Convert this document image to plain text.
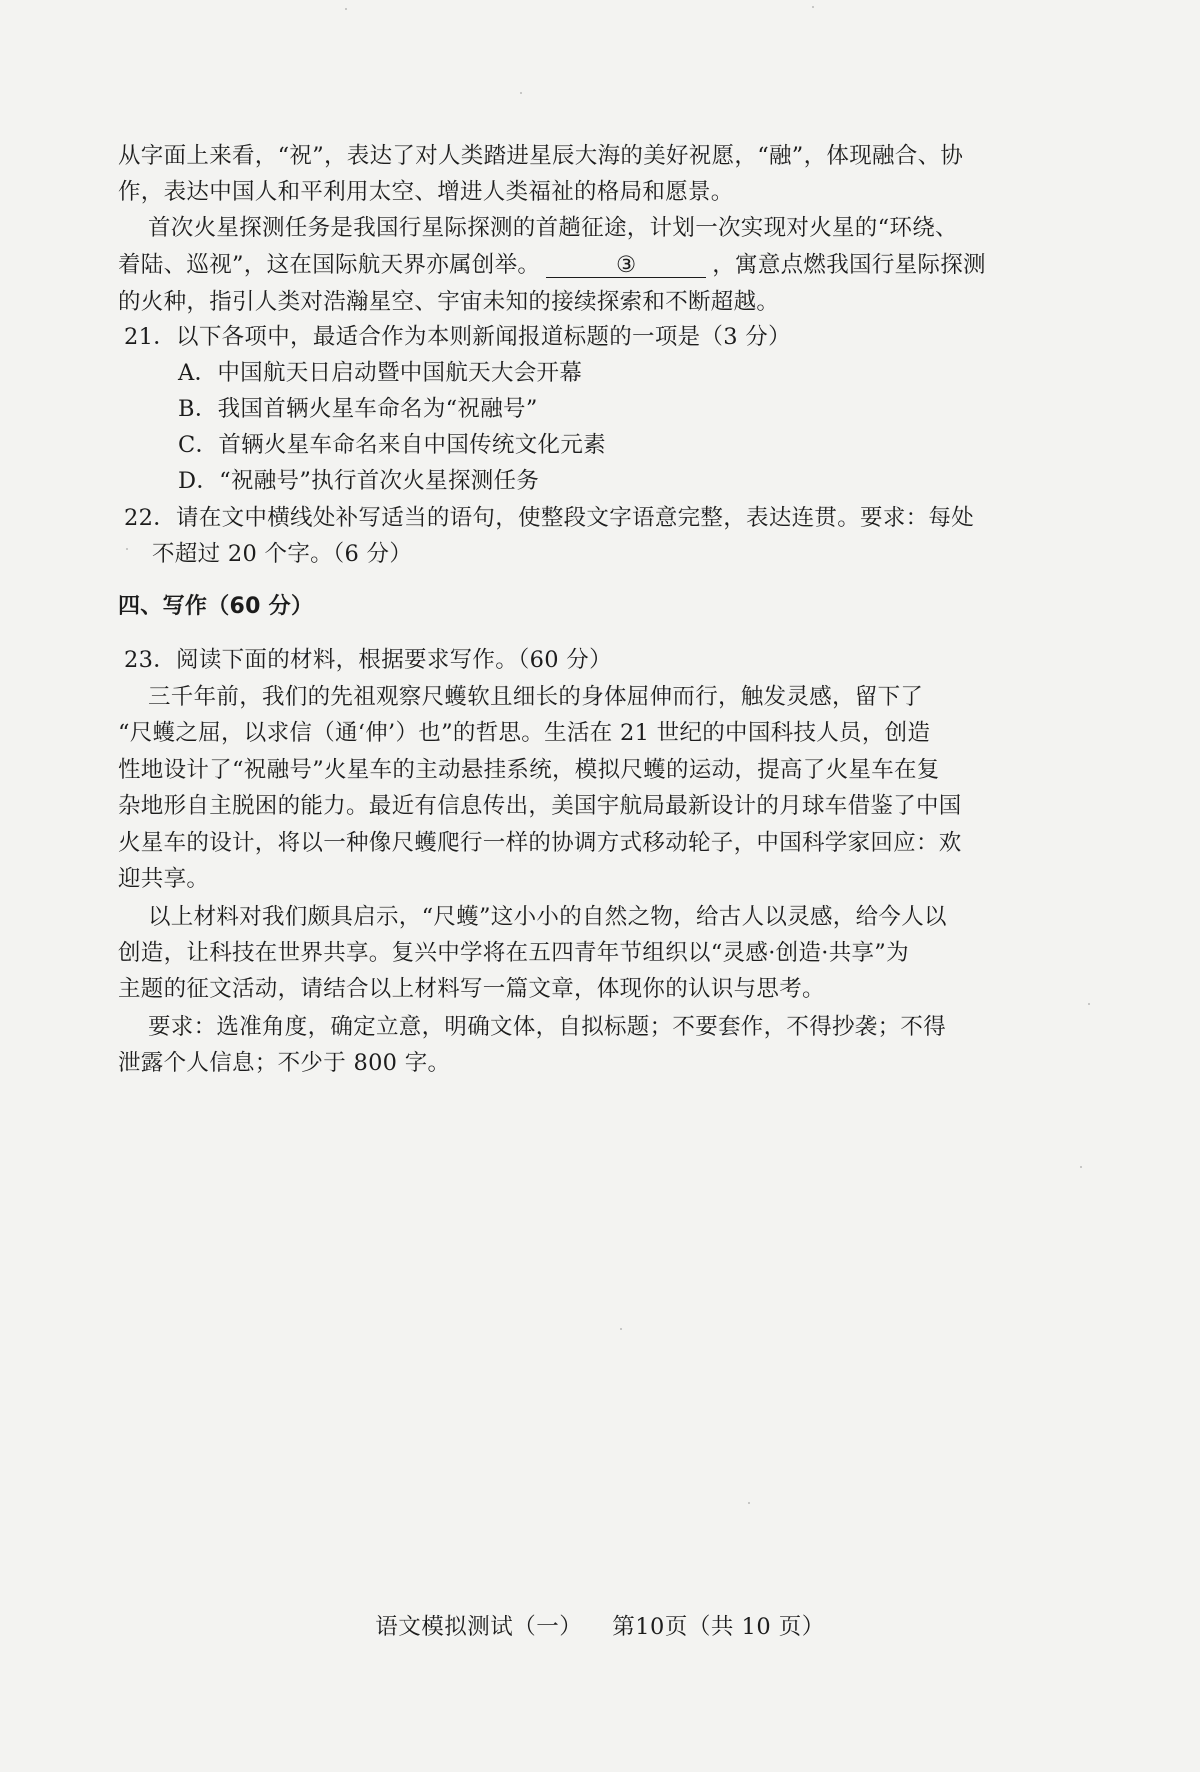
从字面上来看，“祝”，表达了对人类踏进星辰大海的美好祝愿，“融”，体现融合、协
作，表达中国人和平利用太空、增进人类福祉的格局和愿景。
首次火星探测任务是我国行星际探测的首趟征途，计划一次实现对火星的“环绕、
着陆、巡视”，这在国际航天界亦属创举。	③	，寓意点燃我国行星际探测
的火种，指引人类对浩瀚星空、宇宙未知的接续探索和不断超越。
21．以下各项中，最适合作为本则新闻报道标题的一项是（3 分）
A．中国航天日启动暨中国航天大会开幕
B．我国首辆火星车命名为“祝融号”
C．首辆火星车命名来自中国传统文化元素
D．“祝融号”执行首次火星探测任务
22．请在文中横线处补写适当的语句，使整段文字语意完整，表达连贯。要求：每处
不超过 20 个字。（6 分）
四、写作（60 分）
23．阅读下面的材料，根据要求写作。（60 分）
三千年前，我们的先祖观察尺蠖软且细长的身体屈伸而行，触发灵感，留下了
“尺蠖之屈，以求信（通‘伸’）也”的哲思。生活在 21 世纪的中国科技人员，创造
性地设计了“祝融号”火星车的主动悬挂系统，模拟尺蠖的运动，提高了火星车在复
杂地形自主脱困的能力。最近有信息传出，美国宇航局最新设计的月球车借鉴了中国
火星车的设计，将以一种像尺蠖爬行一样的协调方式移动轮子，中国科学家回应：欢
迎共享。
以上材料对我们颇具启示，“尺蠖”这小小的自然之物，给古人以灵感，给今人以
创造，让科技在世界共享。复兴中学将在五四青年节组织以“灵感·创造·共享”为
主题的征文活动，请结合以上材料写一篇文章，体现你的认识与思考。
要求：选准角度，确定立意，明确文体，自拟标题；不要套作，不得抄袭；不得
泄露个人信息；不少于 800 字。
语文模拟测试（一） 第10页（共 10 页）
